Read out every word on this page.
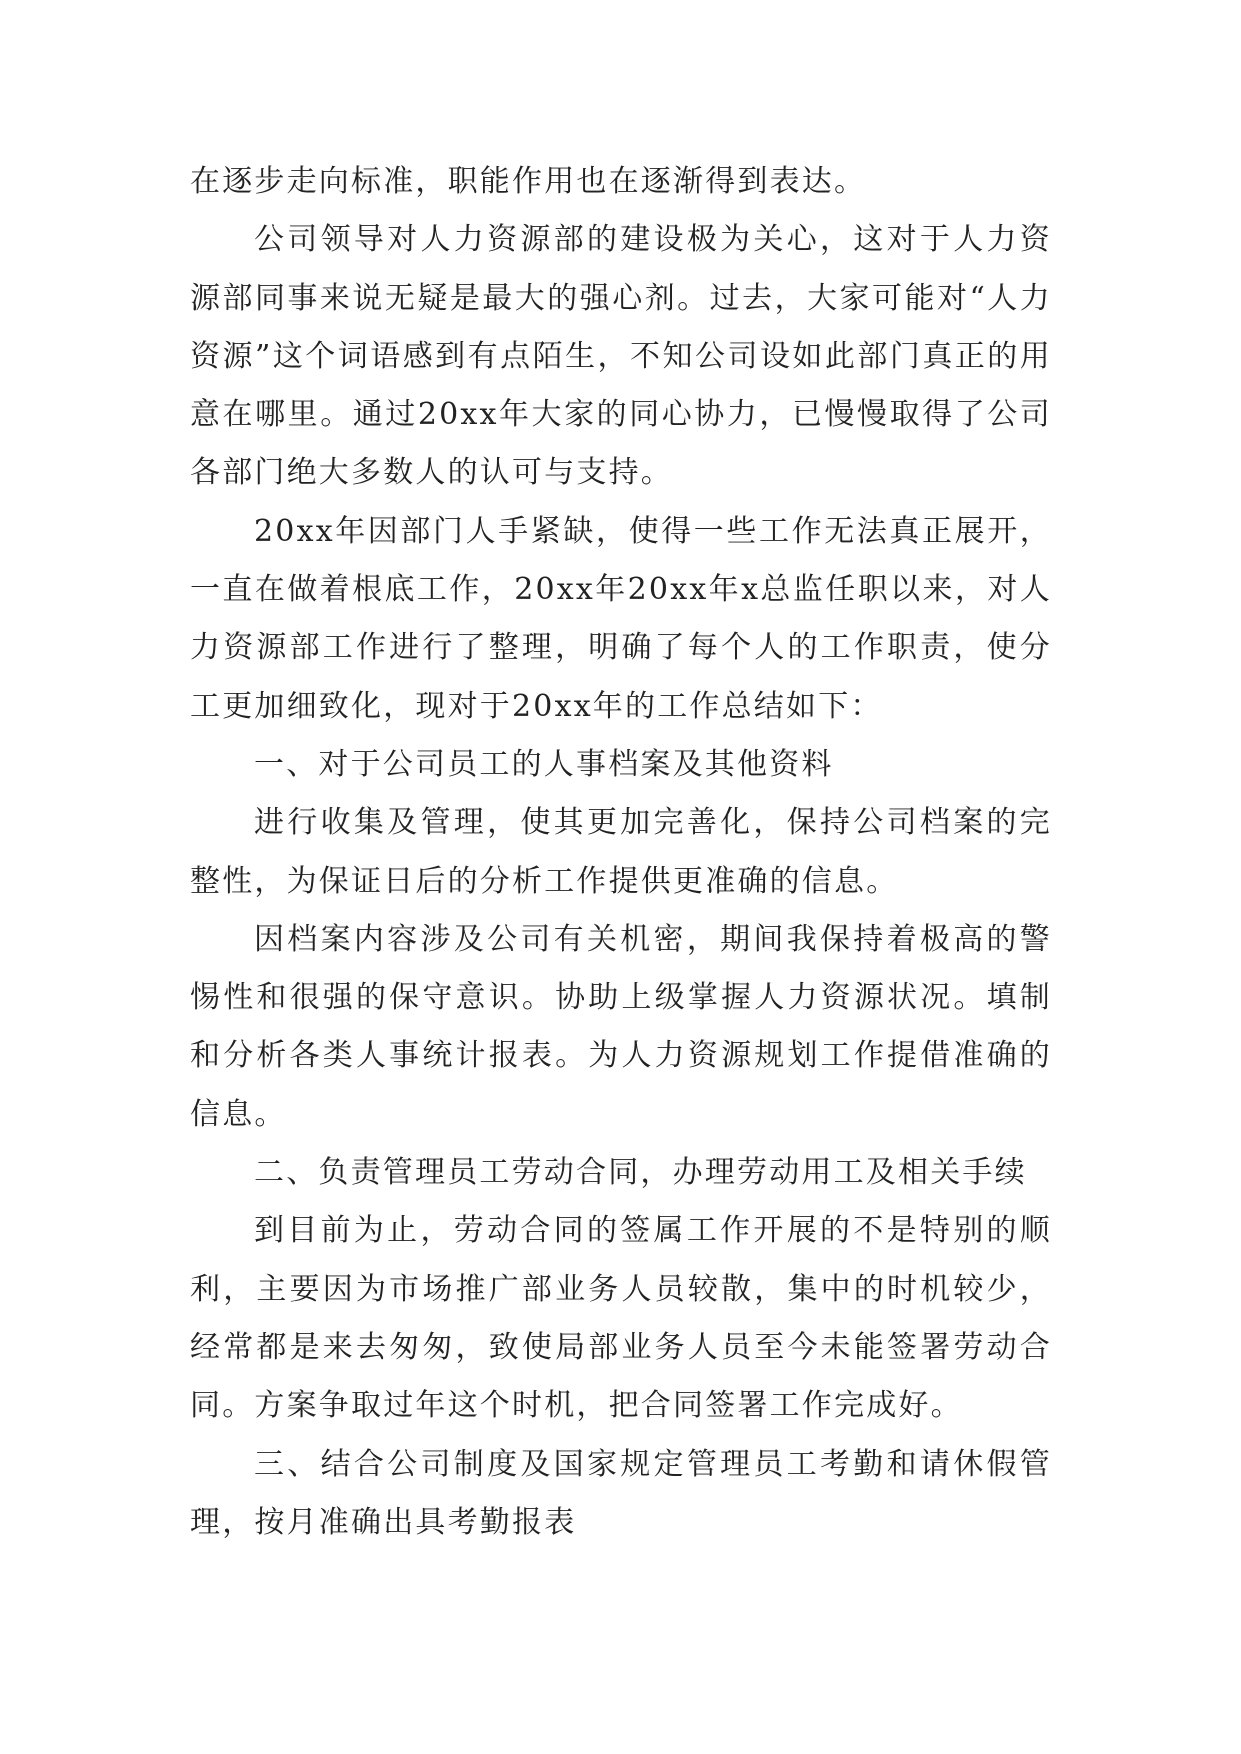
在逐步走向标准，职能作用也在逐渐得到表达。

公司领导对人力资源部的建设极为关心，这对于人力资源部同事来说无疑是最大的强心剂。过去，大家可能对“人力资源”这个词语感到有点陌生，不知公司设如此部门真正的用意在哪里。通过20xx年大家的同心协力，已慢慢取得了公司各部门绝大多数人的认可与支持。

20xx年因部门人手紧缺，使得一些工作无法真正展开，一直在做着根底工作，20xx年20xx年x总监任职以来，对人力资源部工作进行了整理，明确了每个人的工作职责，使分工更加细致化，现对于20xx年的工作总结如下：

一、对于公司员工的人事档案及其他资料

进行收集及管理，使其更加完善化，保持公司档案的完整性，为保证日后的分析工作提供更准确的信息。

因档案内容涉及公司有关机密，期间我保持着极高的警惕性和很强的保守意识。协助上级掌握人力资源状况。填制和分析各类人事统计报表。为人力资源规划工作提借准确的信息。

二、负责管理员工劳动合同，办理劳动用工及相关手续

到目前为止，劳动合同的签属工作开展的不是特别的顺利，主要因为市场推广部业务人员较散，集中的时机较少，经常都是来去匆匆，致使局部业务人员至今未能签署劳动合同。方案争取过年这个时机，把合同签署工作完成好。

三、结合公司制度及国家规定管理员工考勤和请休假管理，按月准确出具考勤报表
